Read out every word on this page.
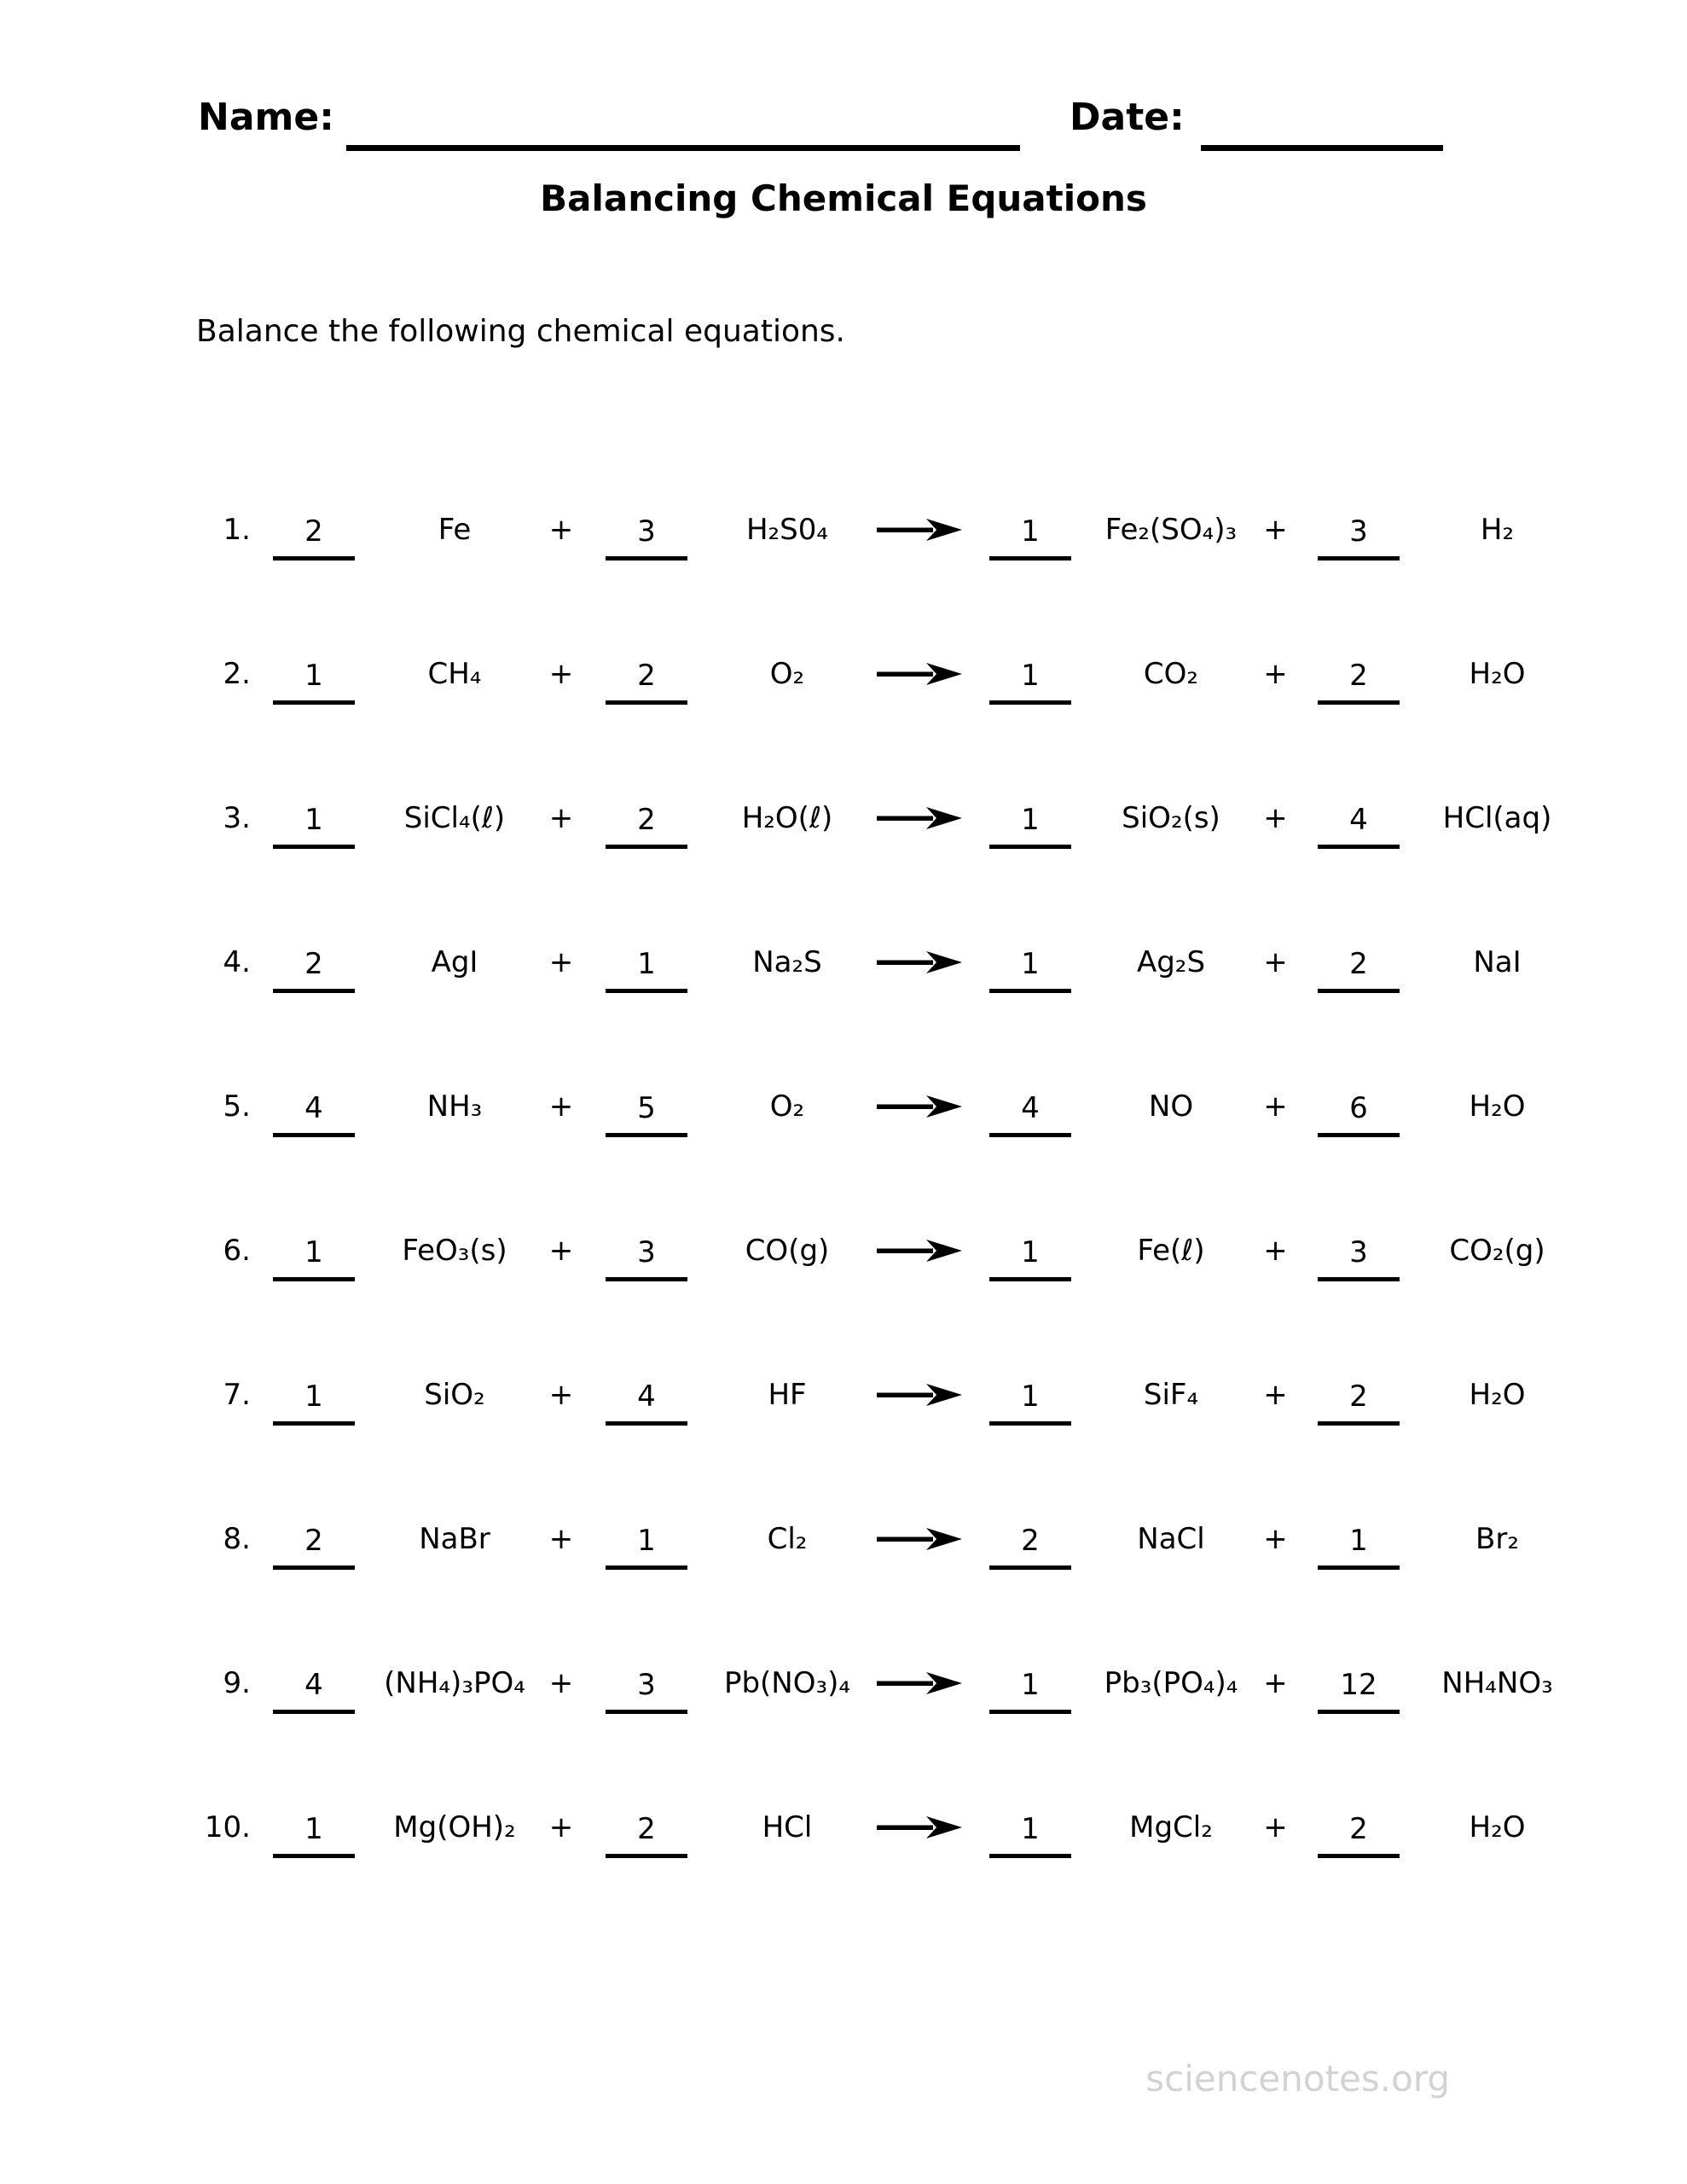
Name:	Date:
Balancing Chemical Equations
Balance the following chemical equations.
1.	2	Fe	+	3	H₂S0₄	→	1	Fe₂(SO₄)₃ +	3	H₂
2.	1	CH₄	+	2	O₂	1	CO₂	+	2	H₂O
3.	1	SiCl₄(ℓ)	+	2	H₂O(ℓ)	→	1	SiO₂(s)	+	4	HCl(aq)
4.	2	AgI	+	1	Na₂S	1	Ag₂S	+	2	NaI
5.	4	NH₃	+	5	O₂	4	NO	+	6	H₂O
6.	1	FeO₃(s)	+	3	CO(g)	→	1	Fe(ℓ)	+	3	CO₂(g)
7.	1	SiO₂	+	4	HF	1	SiF₄	+	2	H₂O
8.	2	NaBr	+	1	Cl₂	2	NaCl	+	1	Br₂
9.	4	(NH₄)₃PO₄ +	3	Pb(NO₃)₄ →	1	Pb₃(PO₄)₄ +	12	NH₄NO₃
10.	1	Mg(OH)₂	+	2	HCl	1	MgCl₂	+	2	H₂O
sciencenotes.org
